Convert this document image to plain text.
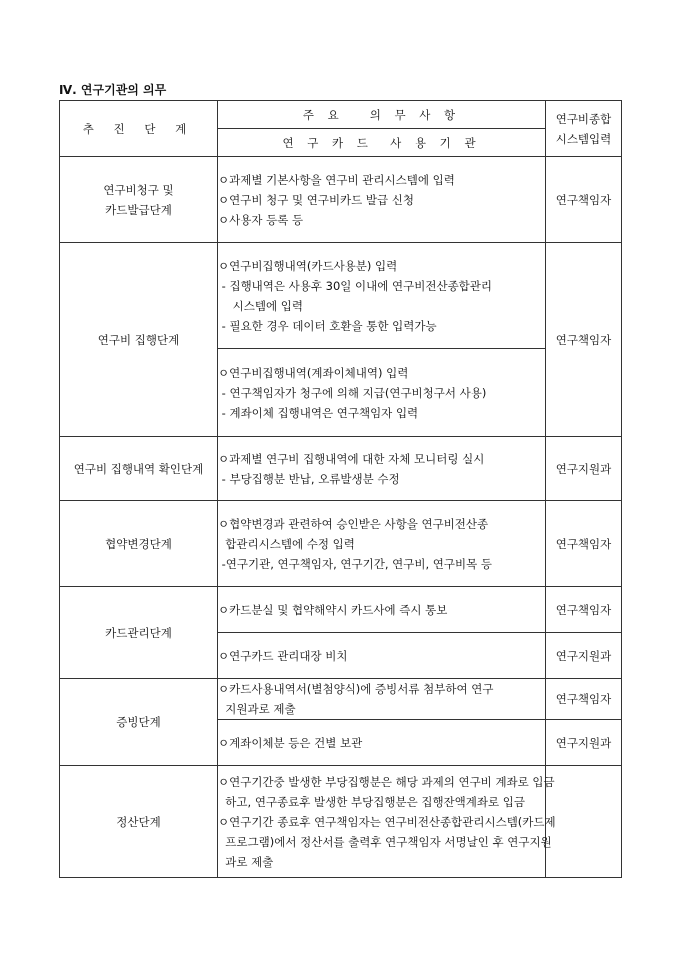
Ⅳ. 연구기관의 의무
추 진 단 계	주 요   의 무 사 항	연구비종합
시스템입력

	연 구 카 드  사 용 기 관	

연구비청구 및
카드발급단계	ㅇ과제별 기본사항을 연구비 관리시스템에 입력
ㅇ연구비 청구 및 연구비카드 발급 신청
ㅇ사용자 등록 등	연구책임자

연구비 집행단계	ㅇ연구비집행내역(카드사용분) 입력
- 집행내역은 사용후 30일 이내에 연구비전산종합관리
시스템에 입력
- 필요한 경우 데이터 호환을 통한 입력가능	연구책임자

	ㅇ연구비집행내역(계좌이체내역) 입력
- 연구책임자가 청구에 의해 지급(연구비청구서 사용)
- 계좌이체 집행내역은 연구책임자 입력	

연구비 집행내역 확인단계	ㅇ과제별 연구비 집행내역에 대한 자체 모니터링 실시
- 부당집행분 반납, 오류발생분 수정	연구지원과

협약변경단계	ㅇ협약변경과 관련하여 승인받은 사항을 연구비전산종
합관리시스템에 수정 입력
-연구기관, 연구책임자, 연구기간, 연구비, 연구비목 등	연구책임자

카드관리단계	ㅇ카드분실 및 협약해약시 카드사에 즉시 통보	연구책임자

	ㅇ연구카드 관리대장 비치	연구지원과

증빙단계	ㅇ카드사용내역서(별첨양식)에 증빙서류 첨부하여 연구
지원과로 제출	연구책임자

	ㅇ계좌이체분 등은 건별 보관	연구지원과

정산단계	ㅇ연구기간중 발생한 부당집행분은 해당 과제의 연구비 계좌로 입금
하고, 연구종료후 발생한 부당집행분은 집행잔액계좌로 입금
ㅇ연구기간 종료후 연구책임자는 연구비전산종합관리시스템(카드제
프로그램)에서 정산서를 출력후 연구책임자 서명날인 후 연구지원
과로 제출	
